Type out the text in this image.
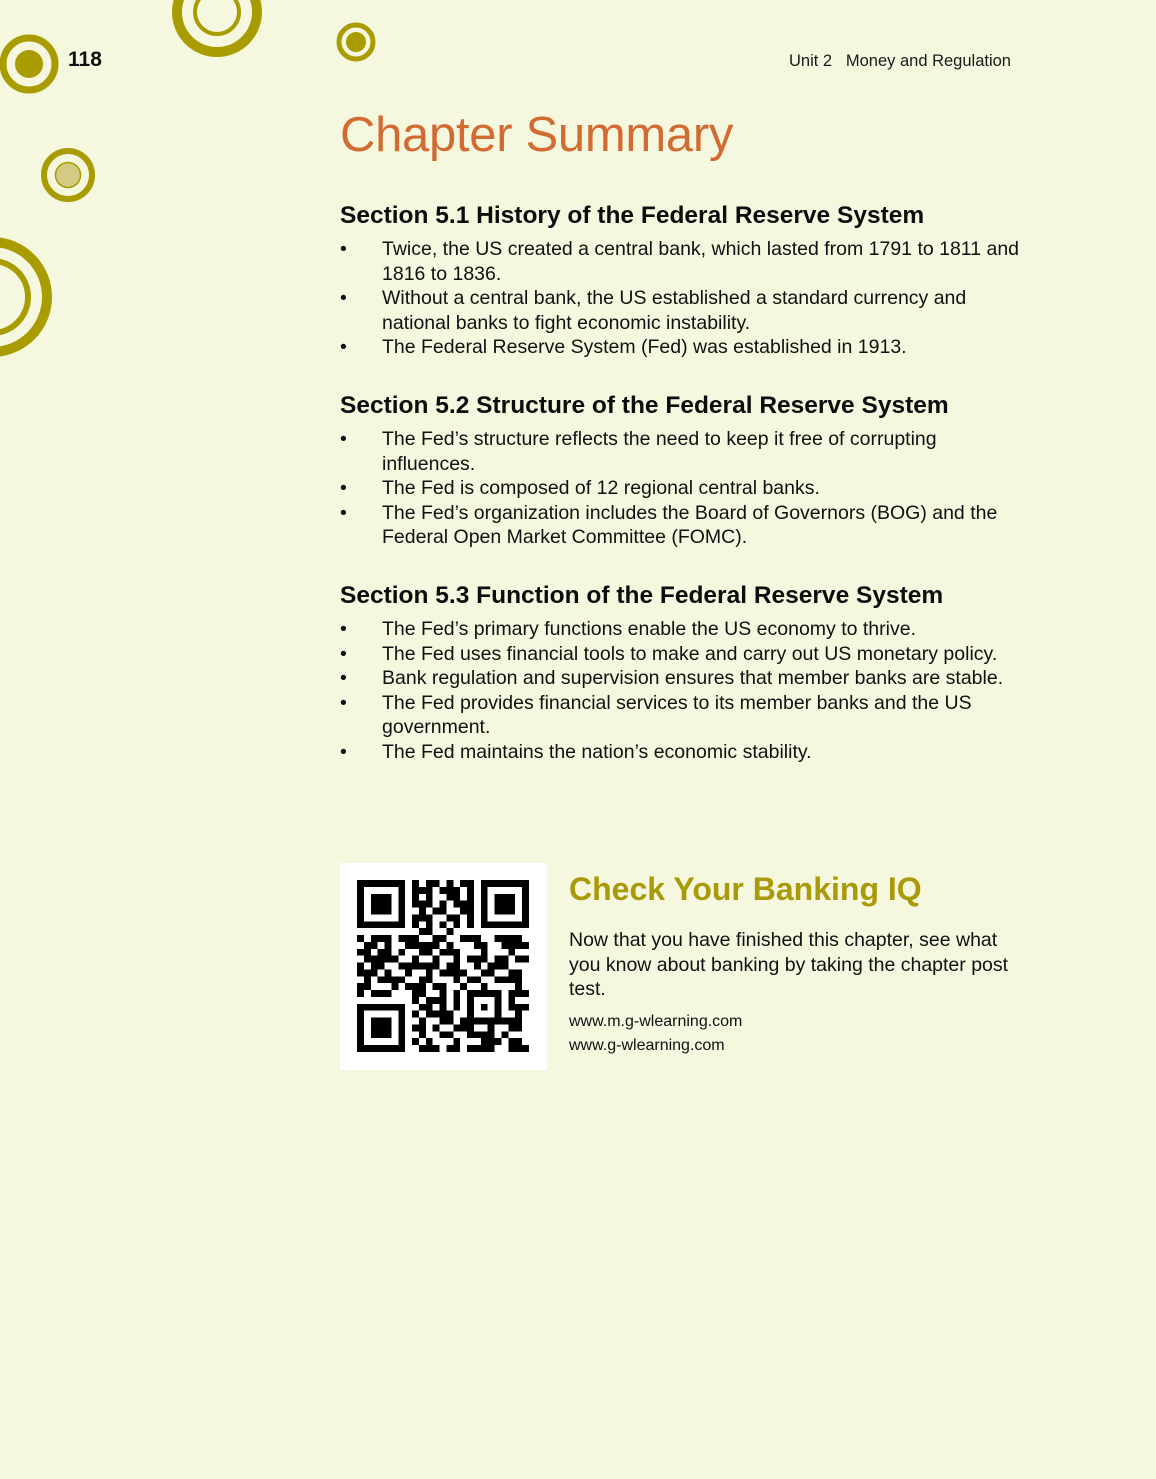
118	Unit 2   Money and Regulation
Chapter Summary
Section 5.1 History of the Federal Reserve System
•	Twice, the US created a central bank, which lasted from 1791 to 1811 and 1816 to 1836.
•	Without a central bank, the US established a standard currency and national banks to fight economic instability.
•	The Federal Reserve System (Fed) was established in 1913.
Section 5.2 Structure of the Federal Reserve System
•	The Fed’s structure reflects the need to keep it free of corrupting influences.
•	The Fed is composed of 12 regional central banks.
•	The Fed’s organization includes the Board of Governors (BOG) and the Federal Open Market Committee (FOMC).
Section 5.3 Function of the Federal Reserve System
•	The Fed’s primary functions enable the US economy to thrive.
•	The Fed uses financial tools to make and carry out US monetary policy.
•	Bank regulation and supervision ensures that member banks are stable.
•	The Fed provides financial services to its member banks and the US government.
•	The Fed maintains the nation’s economic stability.
Check Your Banking IQ

Now that you have finished this chapter, see what you know about banking by taking the chapter post test.

www.m.g-wlearning.com
www.g-wlearning.com
